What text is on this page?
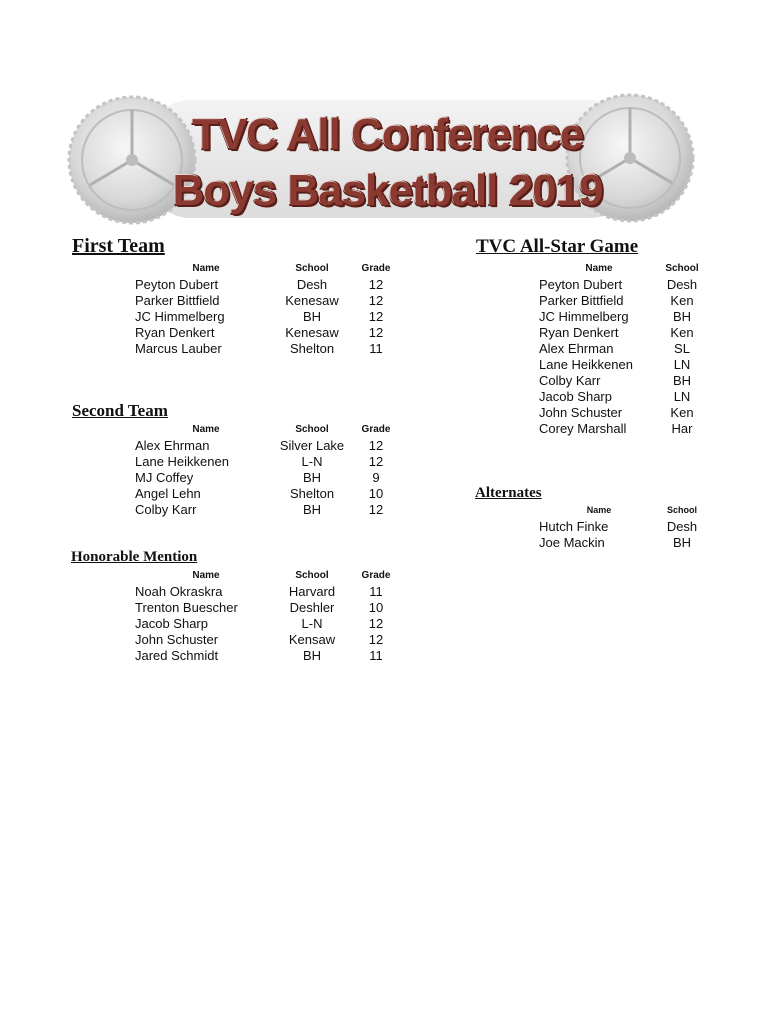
TVC All Conference
Boys Basketball 2019
First Team
Name	School	Grade
Peyton Dubert	Desh	12
Parker Bittfield	Kenesaw	12
JC Himmelberg	BH	12
Ryan Denkert	Kenesaw	12
Marcus Lauber	Shelton	11
Second Team
Name	School	Grade
Alex Ehrman	Silver Lake	12
Lane Heikkenen	L-N	12
MJ Coffey	BH	9
Angel Lehn	Shelton	10
Colby Karr	BH	12
Honorable Mention
Name	School	Grade
Noah Okraskra	Harvard	11
Trenton Buescher	Deshler	10
Jacob Sharp	L-N	12
John Schuster	Kensaw	12
Jared Schmidt	BH	11
TVC All-Star Game
Name	School
Peyton Dubert	Desh
Parker Bittfield	Ken
JC Himmelberg	BH
Ryan Denkert	Ken
Alex Ehrman	SL
Lane Heikkenen	LN
Colby Karr	BH
Jacob Sharp	LN
John Schuster	Ken
Corey Marshall	Har
Alternates
Name	School
Hutch Finke	Desh
Joe Mackin	BH
